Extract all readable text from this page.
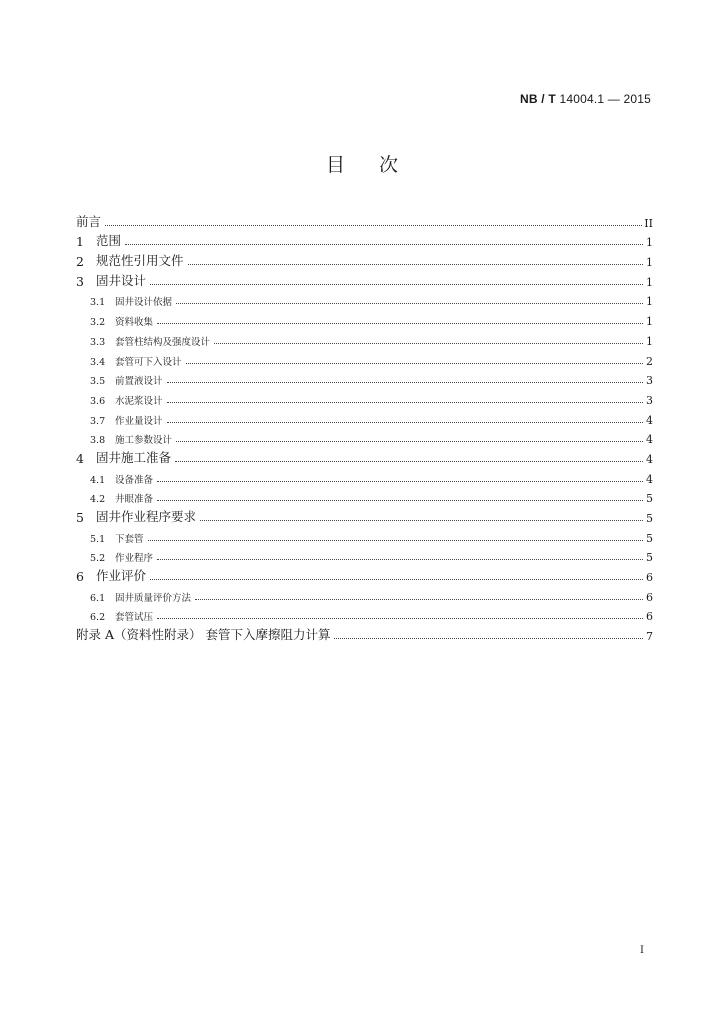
NB / T 14004.1 — 2015
目次
前言	II
1 范围	1
2 规范性引用文件	1
3 固井设计	1
3.1	固井设计依据	1
3.2	资料收集	1
3.3	套管柱结构及强度设计	1
3.4	套管可下入设计	2
3.5	前置液设计	3
3.6	水泥浆设计	3
3.7	作业量设计	4
3.8	施工参数设计	4
4 固井施工准备	4
4.1	设备准备	4
4.2	井眼准备	5
5 固井作业程序要求	5
5.1	下套管	5
5.2	作业程序	5
6 作业评价	6
6.1	固井质量评价方法	6
6.2	套管试压	6
附录 A（资料性附录） 套管下入摩擦阻力计算	7
I
